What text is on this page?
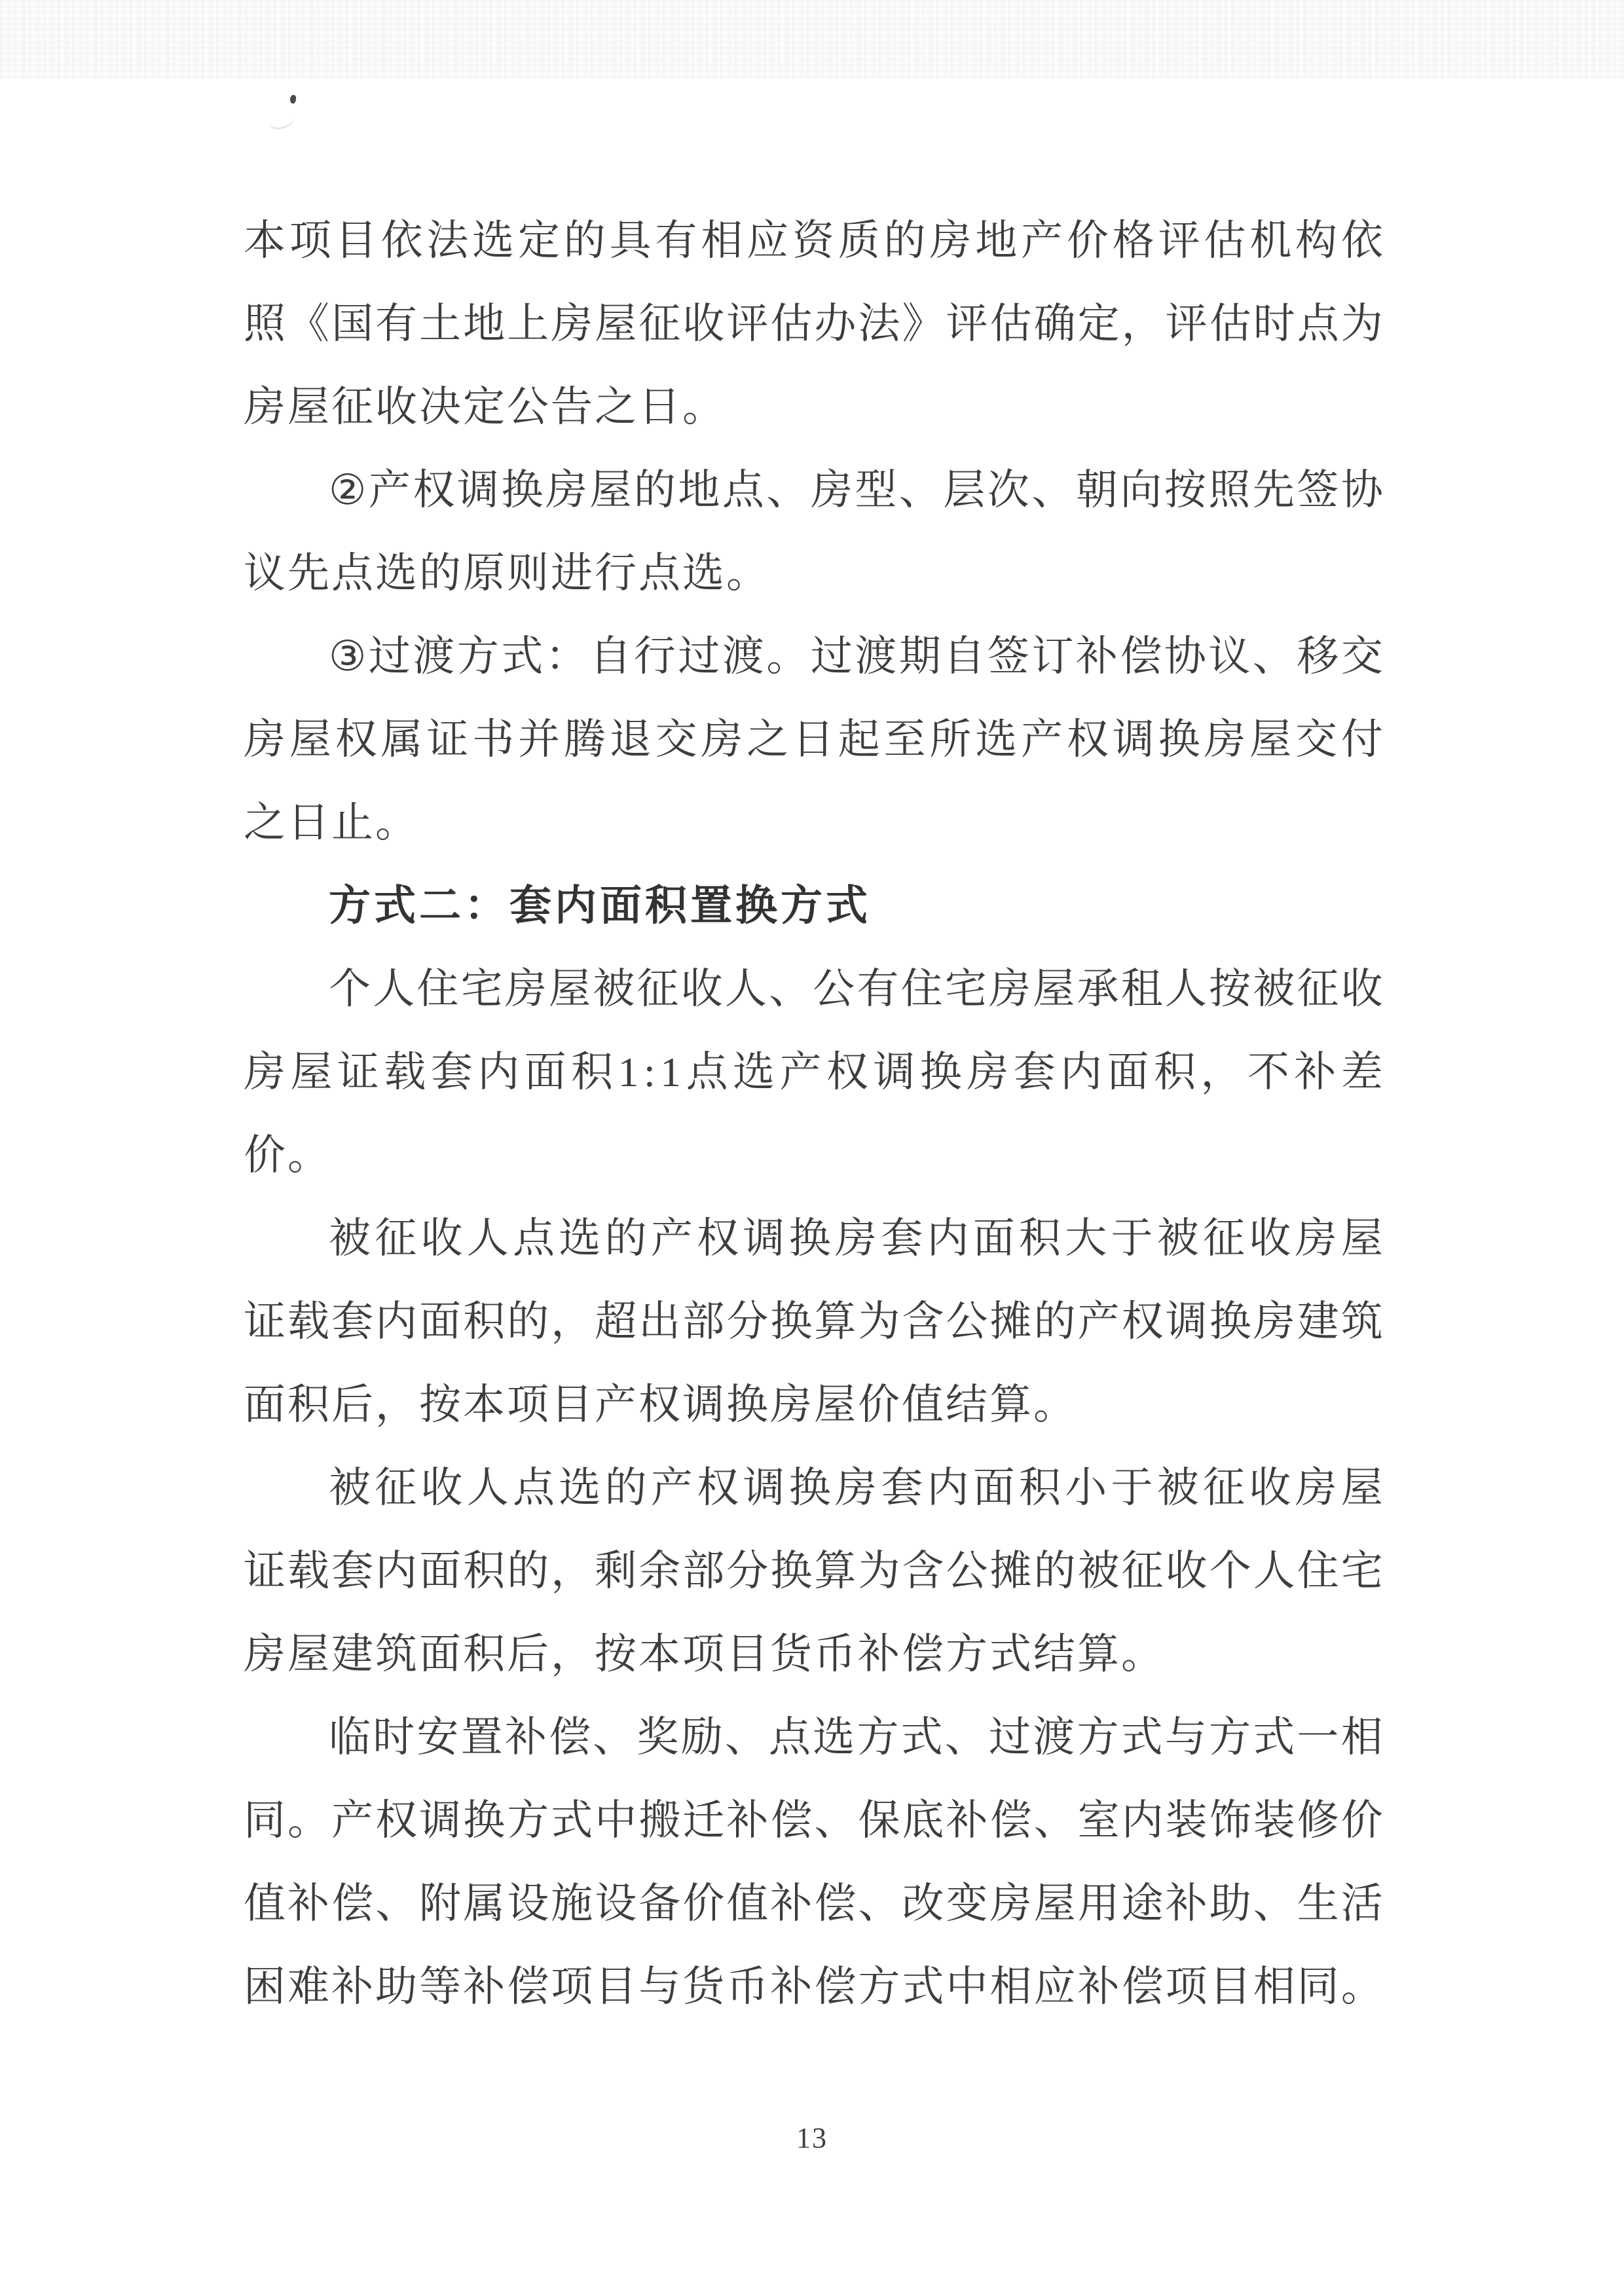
本 项 目 依 法 选 定 的 具 有 相 应 资 质 的 房 地 产 价 格 评 估 机 构 依
照 《 国 有 土 地 上 房 屋 征 收 评 估 办 法 》 评 估 确 定 ， 评 估 时 点 为
房屋征收决定公告之日。
② 产 权 调 换 房 屋 的 地 点 、 房 型 、 层 次 、 朝 向 按 照 先 签 协
议先点选的原则进行点选。
③ 过 渡 方 式 ： 自 行 过 渡 。 过 渡 期 自 签 订 补 偿 协 议 、 移 交
房 屋 权 属 证 书 并 腾 退 交 房 之 日 起 至 所 选 产 权 调 换 房 屋 交 付
之日止。
方式二：套内面积置换方式
个 人 住 宅 房 屋 被 征 收 人 、 公 有 住 宅 房 屋 承 租 人 按 被 征 收
房 屋 证 载 套 内 面 积 1 : 1 点 选 产 权 调 换 房 套 内 面 积 ， 不 补 差
价。
被 征 收 人 点 选 的 产 权 调 换 房 套 内 面 积 大 于 被 征 收 房 屋
证 载 套 内 面 积 的 ， 超 出 部 分 换 算 为 含 公 摊 的 产 权 调 换 房 建 筑
面积后，按本项目产权调换房屋价值结算。
被 征 收 人 点 选 的 产 权 调 换 房 套 内 面 积 小 于 被 征 收 房 屋
证 载 套 内 面 积 的 ， 剩 余 部 分 换 算 为 含 公 摊 的 被 征 收 个 人 住 宅
房屋建筑面积后，按本项目货币补偿方式结算。
临 时 安 置 补 偿 、 奖 励 、 点 选 方 式 、 过 渡 方 式 与 方 式 一 相
同 。 产 权 调 换 方 式 中 搬 迁 补 偿 、 保 底 补 偿 、 室 内 装 饰 装 修 价
值 补 偿 、 附 属 设 施 设 备 价 值 补 偿 、 改 变 房 屋 用 途 补 助 、 生 活
困 难 补 助 等 补 偿 项 目 与 货 币 补 偿 方 式 中 相 应 补 偿 项 目 相 同 。
13
